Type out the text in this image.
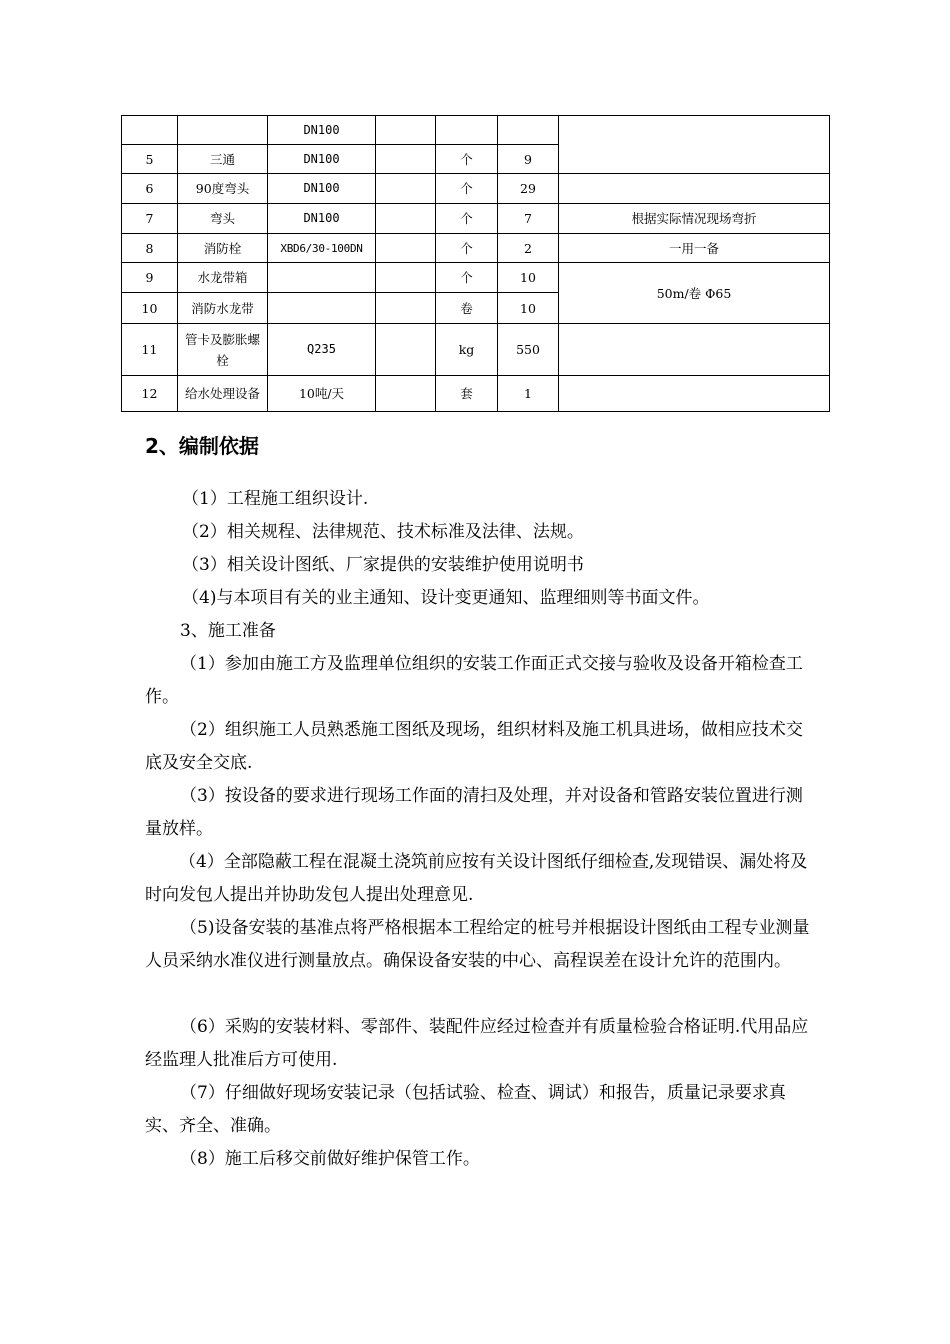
		DN100				
5	三通	DN100		个	9	
6	90度弯头	DN100		个	29	
7	弯头	DN100		个	7	根据实际情况现场弯折
8	消防栓	XBD6/30-100DN		个	2	一用一备
9	水龙带箱			个	10	50m/卷 Φ65
10	消防水龙带			卷	10	
11	管卡及膨胀螺栓	Q235		kg	550	
12	给水处理设备	10吨/天		套	1	
2、编制依据

（1）工程施工组织设计.

（2）相关规程、法律规范、技术标准及法律、法规。

（3）相关设计图纸、厂家提供的安装维护使用说明书

（4)与本项目有关的业主通知、设计变更通知、监理细则等书面文件。

3、施工准备

（1）参加由施工方及监理单位组织的安装工作面正式交接与验收及设备开箱检查工作。

（2）组织施工人员熟悉施工图纸及现场，组织材料及施工机具进场，做相应技术交底及安全交底.

（3）按设备的要求进行现场工作面的清扫及处理，并对设备和管路安装位置进行测量放样。

（4）全部隐蔽工程在混凝土浇筑前应按有关设计图纸仔细检查,发现错误、漏处将及时向发包人提出并协助发包人提出处理意见.

（5)设备安装的基准点将严格根据本工程给定的桩号并根据设计图纸由工程专业测量人员采纳水准仪进行测量放点。确保设备安装的中心、高程误差在设计允许的范围内。

（6）采购的安装材料、零部件、装配件应经过检查并有质量检验合格证明.代用品应经监理人批准后方可使用.

（7）仔细做好现场安装记录（包括试验、检查、调试）和报告，质量记录要求真实、齐全、准确。

（8）施工后移交前做好维护保管工作。
